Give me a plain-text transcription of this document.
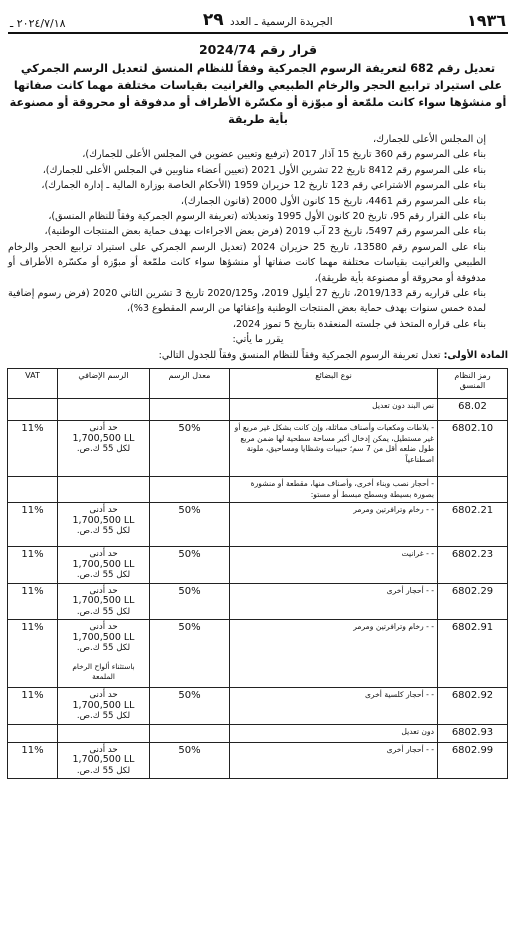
١٩٣٦
الجريدة الرسمية ـ العدد ٢٩
٢٠٢٤/٧/١٨ ـ
قرار رقم 2024/74
تعديل رقم 682 لتعريفة الرسوم الجمركية وفقاً للنظام المنسق لتعديل الرسم الجمركي على استيراد ترابيع الحجر والرخام الطبيعي والغرانيت بقياسات مختلفة مهما كانت صفاتها أو منشؤها سواء كانت ملمّعة أو مبوّزة أو مكسّرة الأطراف أو مدفوقة أو محروقة أو مصنوعة بأية طريقة

إن المجلس الأعلى للجمارك،

بناء على المرسوم رقم 360 تاريخ 15 آذار 2017 (ترفيع وتعيين عضوين في المجلس الأعلى للجمارك)،

بناء على المرسوم رقم 8412 تاريخ 22 تشرين الأول 2021 (تعيين أعضاء مناوبين في المجلس الأعلى للجمارك)،

بناء على المرسوم الاشتراعي رقم 123 تاريخ 12 حزيران 1959 (الأحكام الخاصة بوزارة المالية ـ إدارة الجمارك)،

بناء على المرسوم رقم 4461، تاريخ 15 كانون الأول 2000 (قانون الجمارك)،

بناء على القرار رقم 95، تاريخ 20 كانون الأول 1995 وتعديلاته (تعريفة الرسوم الجمركية وفقاً للنظام المنسق)،

بناء على المرسوم رقم 5497، تاريخ 23 آب 2019 (فرض بعض الاجراءات بهدف حماية بعض المنتجات الوطنية)،

بناء على المرسوم رقم 13580، تاريخ 25 حزيران 2024 (تعديل الرسم الجمركي على استيراد ترابيع الحجر والرخام الطبيعي والغرانيت بقياسات مختلفة مهما كانت صفاتها أو منشؤها سواء كانت ملمّعة أو مبوّزة أو مكسّرة الأطراف أو مدفوقة أو محروقة أو مصنوعة بأية طريقة)،

بناء على قراريه رقم 2019/133، تاريخ 27 أيلول 2019، و2020/125 تاريخ 3 تشرين الثاني 2020 (فرض رسوم إضافية لمدة خمس سنوات بهدف حماية بعض المنتجات الوطنية وإعفائها من الرسم المقطوع 3%)،

بناء على قراره المتخذ في جلسته المنعقدة بتاريخ 5 تموز 2024،

يقرر ما يأتي:

المادة الأولى: تعدل تعريفة الرسوم الجمركية وفقاً للنظام المنسق وفقاً للجدول التالي:

رمز النظام المنسق	نوع البضائع	معدل الرسم	الرسم الإضافي	VAT
68.02	نص البند دون تعديل			
6802.10	- بلاطات ومكعبات وأصناف مماثلة، وإن كانت بشكل غير مربع أو غير مستطيل، يمكن إدخال أكبر مساحة سطحية لها ضمن مربع طول ضلعه أقل من 7 سم؛ حبيبات وشظايا ومساحيق، ملونة اصطناعياً	50%	حد أدنى
1,700,500 LL
لكل 55 ك.ص.	11%
	- أحجار نصب وبناء أخرى، وأصناف منها، مقطعة أو منشورة بصورة بسيطة وبسطح مبسط أو مستو:			
6802.21	- - رخام وترافرتين ومرمر	50%	حد أدنى
1,700,500 LL
لكل 55 ك.ص.	11%
6802.23	- - غرانيت	50%	حد أدنى
1,700,500 LL
لكل 55 ك.ص.	11%
6802.29	- - أحجار أخرى	50%	حد أدنى
1,700,500 LL
لكل 55 ك.ص.	11%
6802.91	- - رخام وترافرتين ومرمر	50%	حد أدنى
1,700,500 LL
لكل 55 ك.ص.
باستثناء ألواح الرخام الملمعة	11%
6802.92	- - أحجار كلسية أخرى	50%	حد أدنى
1,700,500 LL
لكل 55 ك.ص.	11%
6802.93	دون تعديل			
6802.99	- - أحجار أخرى	50%	حد أدنى
1,700,500 LL
لكل 55 ك.ص.	11%
